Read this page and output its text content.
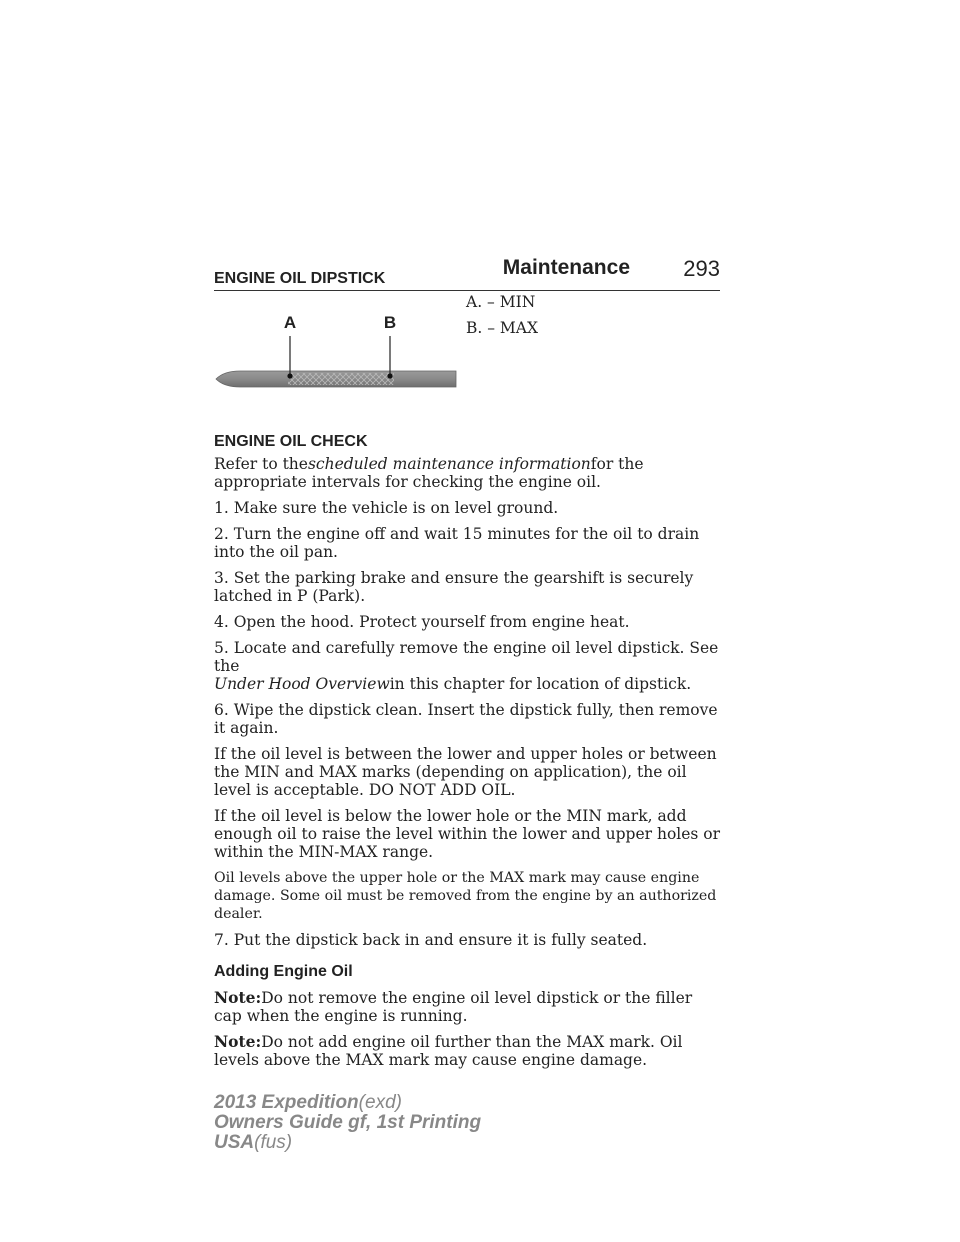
Maintenance 293
ENGINE OIL DIPSTICK
A. – MIN
B. – MAX
A	B
ENGINE OIL CHECK

Refer to thescheduled maintenance informationfor the appropriate intervals for checking the engine oil.

1. Make sure the vehicle is on level ground.

2. Turn the engine off and wait 15 minutes for the oil to drain into the oil pan.

3. Set the parking brake and ensure the gearshift is securely latched in P (Park).

4. Open the hood. Protect yourself from engine heat.

5. Locate and carefully remove the engine oil level dipstick. See the
Under Hood Overviewin this chapter for location of dipstick.

6. Wipe the dipstick clean. Insert the dipstick fully, then remove it again.

If the oil level is between the lower and upper holes or between the MIN and MAX marks (depending on application), the oil level is acceptable. DO NOT ADD OIL.

If the oil level is below the lower hole or the MIN mark, add enough oil to raise the level within the lower and upper holes or within the MIN-MAX range.

Oil levels above the upper hole or the MAX mark may cause engine damage. Some oil must be removed from the engine by an authorized dealer.

7. Put the dipstick back in and ensure it is fully seated.

Adding Engine Oil

Note:Do not remove the engine oil level dipstick or the filler cap when the engine is running.

Note:Do not add engine oil further than the MAX mark. Oil levels above the MAX mark may cause engine damage.

2013 Expedition(exd)
Owners Guide gf, 1st Printing
USA(fus)
